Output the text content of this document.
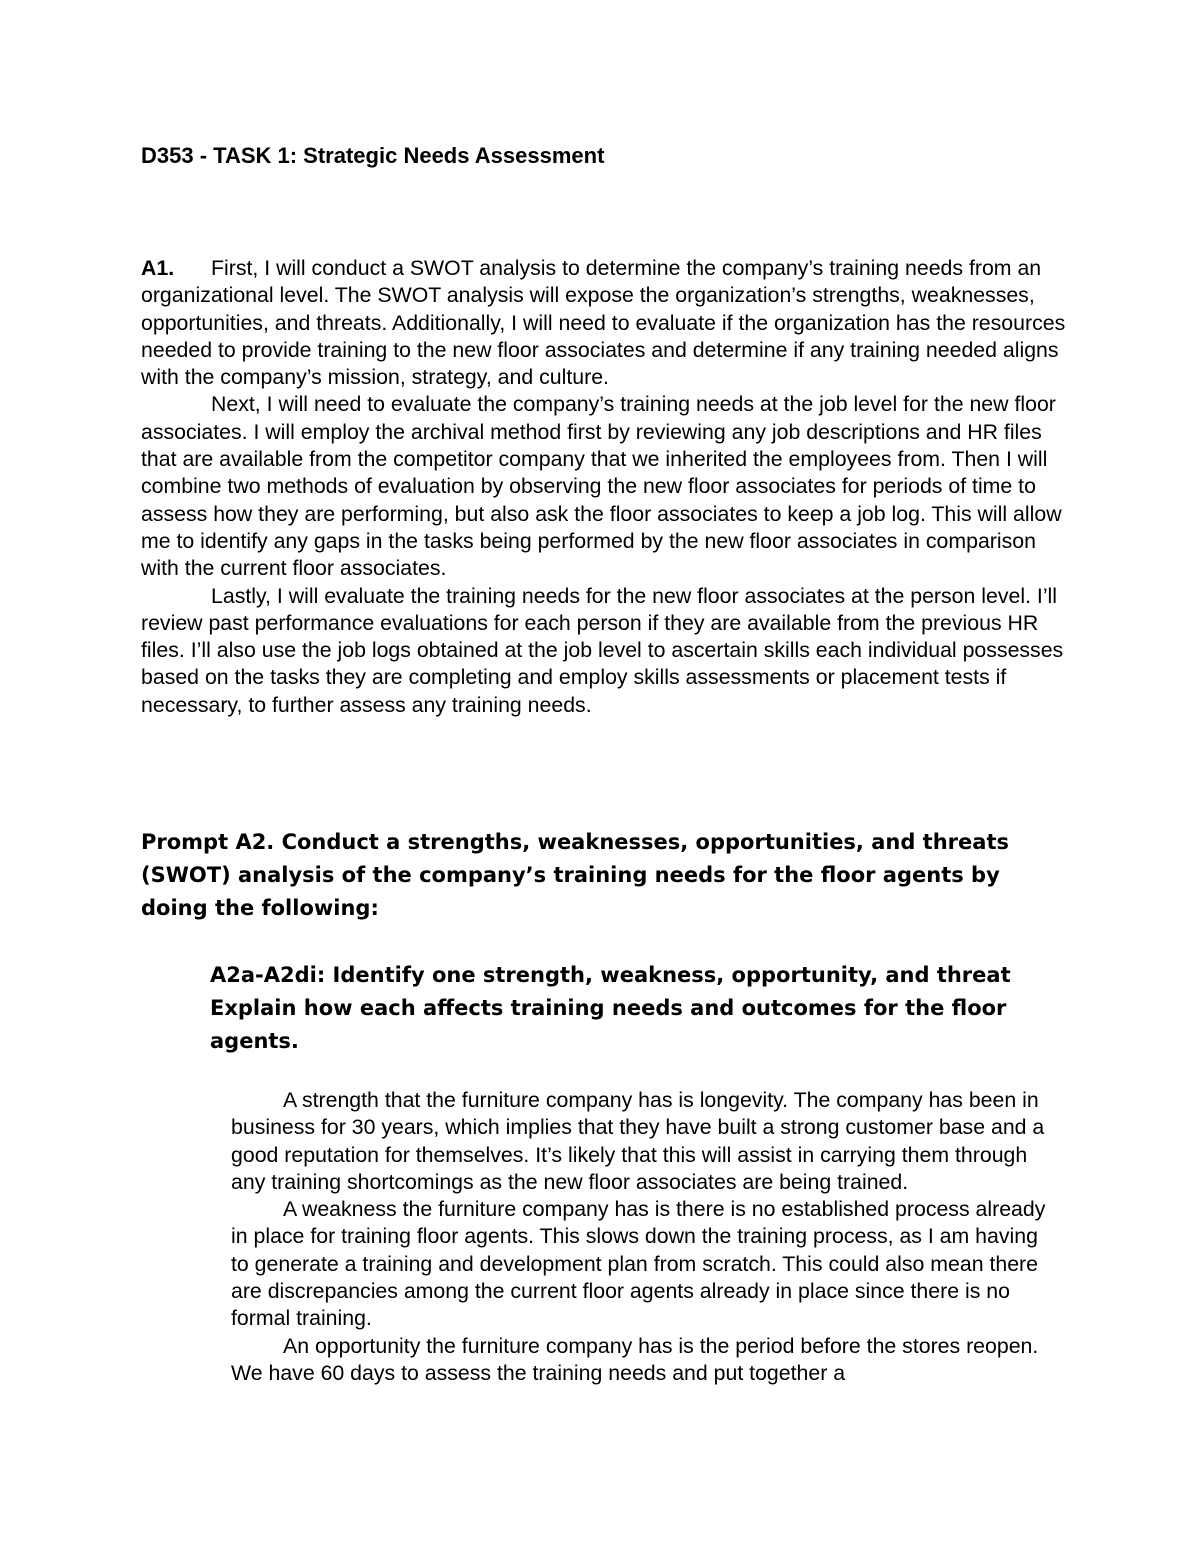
D353 - TASK 1: Strategic Needs Assessment

A1. First, I will conduct a SWOT analysis to determine the company’s training needs from an organizational level. The SWOT analysis will expose the organization’s strengths, weaknesses, opportunities, and threats. Additionally, I will need to evaluate if the organization has the resources needed to provide training to the new floor associates and determine if any training needed aligns with the company’s mission, strategy, and culture.

Next, I will need to evaluate the company’s training needs at the job level for the new floor associates. I will employ the archival method first by reviewing any job descriptions and HR files that are available from the competitor company that we inherited the employees from. Then I will combine two methods of evaluation by observing the new floor associates for periods of time to assess how they are performing, but also ask the floor associates to keep a job log. This will allow me to identify any gaps in the tasks being performed by the new floor associates in comparison with the current floor associates.

Lastly, I will evaluate the training needs for the new floor associates at the person level. I’ll review past performance evaluations for each person if they are available from the previous HR files. I’ll also use the job logs obtained at the job level to ascertain skills each individual possesses based on the tasks they are completing and employ skills assessments or placement tests if necessary, to further assess any training needs.

Prompt A2. Conduct a strengths, weaknesses, opportunities, and threats (SWOT) analysis of the company’s training needs for the floor agents by doing the following:
A2a-A2di: Identify one strength, weakness, opportunity, and threat
Explain how each affects training needs and outcomes for the floor agents.

A strength that the furniture company has is longevity. The company has been in business for 30 years, which implies that they have built a strong customer base and a good reputation for themselves. It’s likely that this will assist in carrying them through any training shortcomings as the new floor associates are being trained.

A weakness the furniture company has is there is no established process already in place for training floor agents. This slows down the training process, as I am having to generate a training and development plan from scratch. This could also mean there are discrepancies among the current floor agents already in place since there is no formal training.

An opportunity the furniture company has is the period before the stores reopen. We have 60 days to assess the training needs and put together a
